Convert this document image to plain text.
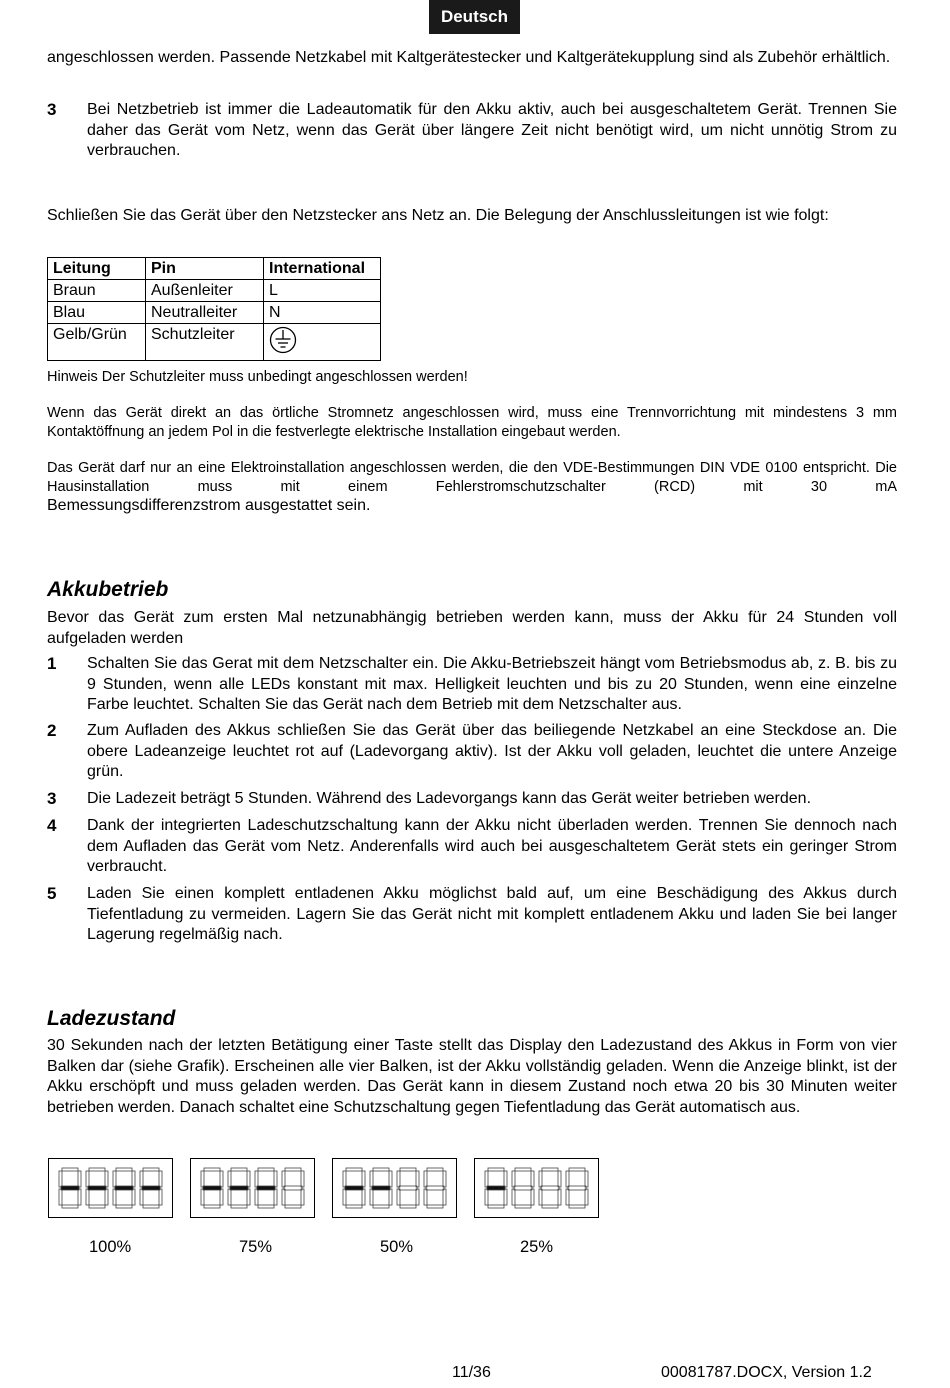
Deutsch
angeschlossen werden. Passende Netzkabel mit Kaltgerätestecker und Kaltgerätekupplung sind als Zubehör erhältlich.
3 Bei Netzbetrieb ist immer die Ladeautomatik für den Akku aktiv, auch bei ausgeschaltetem Gerät. Trennen Sie daher das Gerät vom Netz, wenn das Gerät über längere Zeit nicht benötigt wird, um nicht unnötig Strom zu verbrauchen.
Schließen Sie das Gerät über den Netzstecker ans Netz an. Die Belegung der Anschlussleitungen ist wie folgt:
Leitung	Pin	International
Braun	Außenleiter	L
Blau	Neutralleiter	N
Gelb/Grün	Schutzleiter	
Hinweis Der Schutzleiter muss unbedingt angeschlossen werden!
Wenn das Gerät direkt an das örtliche Stromnetz angeschlossen wird, muss eine Trennvorrichtung mit mindestens 3 mm Kontaktöffnung an jedem Pol in die festverlegte elektrische Installation eingebaut werden.
Das Gerät darf nur an eine Elektroinstallation angeschlossen werden, die den VDE-Bestimmungen DIN VDE 0100 entspricht. Die Hausinstallation muss mit einem Fehlerstromschutzschalter (RCD) mit 30 mA
Bemessungsdifferenzstrom ausgestattet sein.
Akkubetrieb
Bevor das Gerät zum ersten Mal netzunabhängig betrieben werden kann, muss der Akku für 24 Stunden voll aufgeladen werden
1 Schalten Sie das Gerat mit dem Netzschalter ein. Die Akku-Betriebszeit hängt vom Betriebsmodus ab, z. B. bis zu 9 Stunden, wenn alle LEDs konstant mit max. Helligkeit leuchten und bis zu 20 Stunden, wenn eine einzelne Farbe leuchtet. Schalten Sie das Gerät nach dem Betrieb mit dem Netzschalter aus.
2 Zum Aufladen des Akkus schließen Sie das Gerät über das beiliegende Netzkabel an eine Steckdose an. Die obere Ladeanzeige leuchtet rot auf (Ladevorgang aktiv). Ist der Akku voll geladen, leuchtet die untere Anzeige grün.
3 Die Ladezeit beträgt 5 Stunden. Während des Ladevorgangs kann das Gerät weiter betrieben werden.
4 Dank der integrierten Ladeschutzschaltung kann der Akku nicht überladen werden. Trennen Sie dennoch nach dem Aufladen das Gerät vom Netz. Anderenfalls wird auch bei ausgeschaltetem Gerät stets ein geringer Strom verbraucht.
5 Laden Sie einen komplett entladenen Akku möglichst bald auf, um eine Beschädigung des Akkus durch Tiefentladung zu vermeiden. Lagern Sie das Gerät nicht mit komplett entladenem Akku und laden Sie bei langer Lagerung regelmäßig nach.
Ladezustand
30 Sekunden nach der letzten Betätigung einer Taste stellt das Display den Ladezustand des Akkus in Form von vier Balken dar (siehe Grafik). Erscheinen alle vier Balken, ist der Akku vollständig geladen. Wenn die Anzeige blinkt, ist der Akku erschöpft und muss geladen werden. Das Gerät kann in diesem Zustand noch etwa 20 bis 30 Minuten weiter betrieben werden. Danach schaltet eine Schutzschaltung gegen Tiefentladung das Gerät automatisch aus.
100%	75%	50%	25%
11/36	00081787.DOCX, Version 1.2
